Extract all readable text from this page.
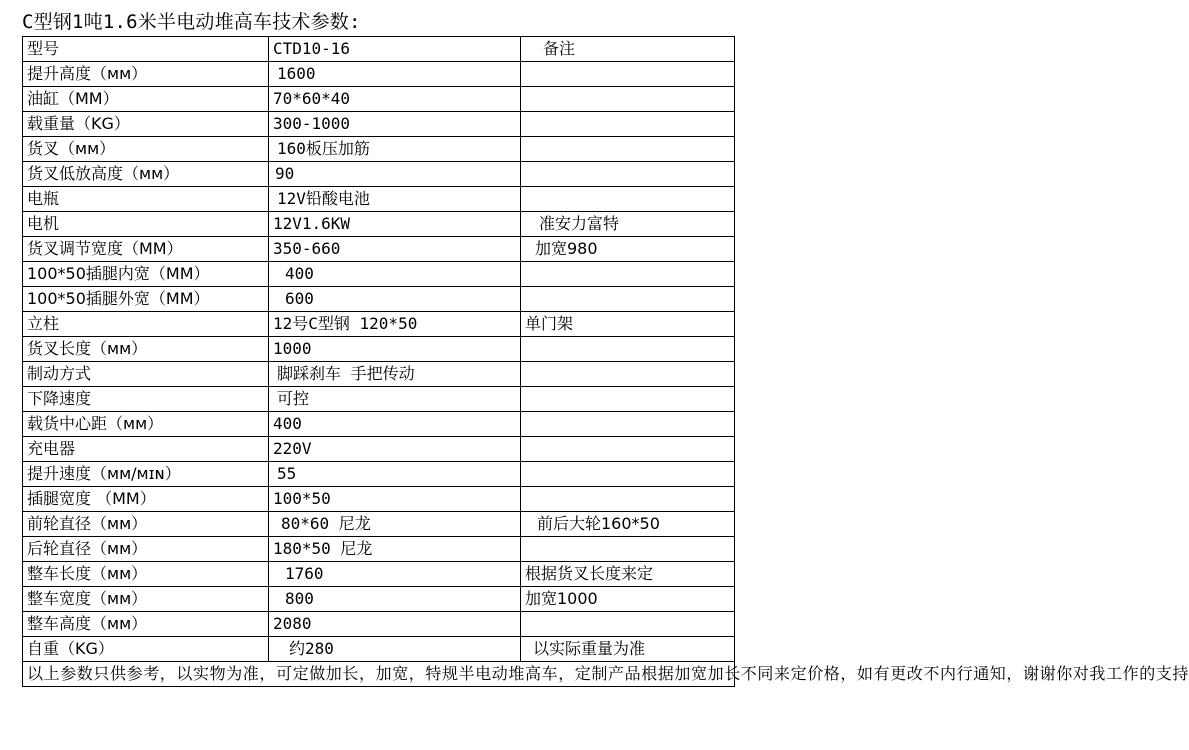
C型钢1吨1.6米半电动堆高车技术参数:
型号	CTD10-16	备注
提升高度（мм）	1600	
油缸（MM）	70*60*40	
载重量（KG）	300-1000	
货叉（мм）	160板压加筋	
货叉低放高度（мм）	90	
电瓶	12V铅酸电池	
电机	12V1.6KW	准安力富特
货叉调节宽度（MM）	350-660	加宽980
100*50插腿内宽（MM）	400	
100*50插腿外宽（MM）	600	
立柱	12号C型钢 120*50	单门架
货叉长度（мм）	1000	
制动方式	脚踩刹车 手把传动	
下降速度	可控	
载货中心距（мм）	400	
充电器	220V	
提升速度（мм/мɪɴ）	55	
插腿宽度 （MM）	100*50	
前轮直径（мм）	80*60 尼龙	前后大轮160*50
后轮直径（мм）	180*50 尼龙	
整车长度（мм）	1760	根据货叉长度来定
整车宽度（мм）	800	加宽1000
整车高度（мм）	2080	
自重（KG）	约280	以实际重量为准
以上参数只供参考，以实物为准，可定做加长，加宽，特规半电动堆高车，定制产品根据加宽加长不同来定价格，如有更改不内行通知，谢谢你对我工作的支持		
